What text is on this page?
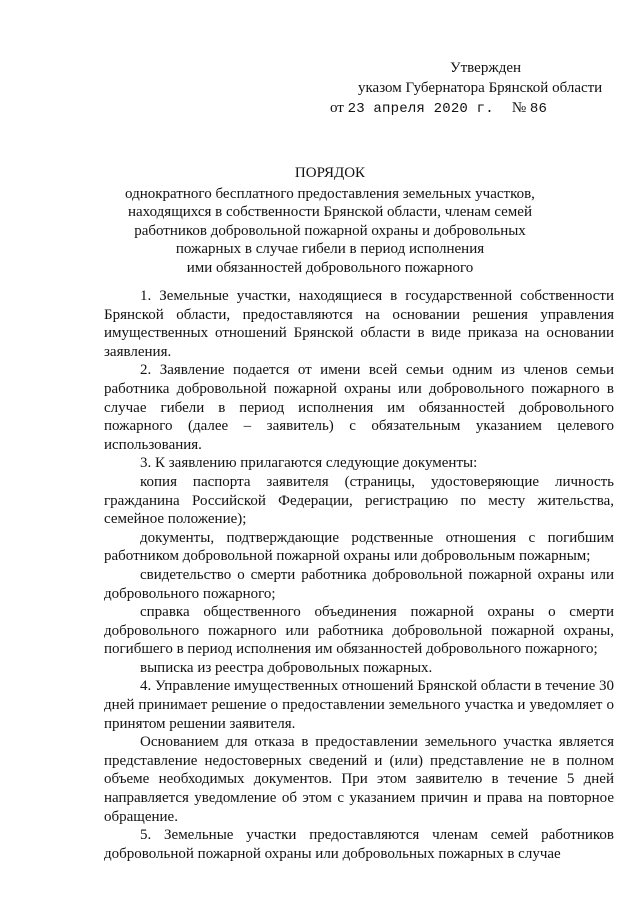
Утвержден
указом Губернатора Брянской области
от 23 апреля 2020 г. № 86
ПОРЯДОК
однократного бесплатного предоставления земельных участков,
находящихся в собственности Брянской области, членам семей
работников добровольной пожарной охраны и добровольных
пожарных в случае гибели в период исполнения
ими обязанностей добровольного пожарного

1. Земельные участки, находящиеся в государственной собственности Брянской области, предоставляются на основании решения управления имущественных отношений Брянской области в виде приказа на основании заявления.

2. Заявление подается от имени всей семьи одним из членов семьи работника добровольной пожарной охраны или добровольного пожарного в случае гибели в период исполнения им обязанностей добровольного пожарного (далее – заявитель) с обязательным указанием целевого использования.

3. К заявлению прилагаются следующие документы:

копия паспорта заявителя (страницы, удостоверяющие личность гражданина Российской Федерации, регистрацию по месту жительства, семейное положение);

документы, подтверждающие родственные отношения с погибшим работником добровольной пожарной охраны или добровольным пожарным;

свидетельство о смерти работника добровольной пожарной охраны или добровольного пожарного;

справка общественного объединения пожарной охраны о смерти добровольного пожарного или работника добровольной пожарной охраны, погибшего в период исполнения им обязанностей добровольного пожарного;

выписка из реестра добровольных пожарных.

4. Управление имущественных отношений Брянской области в течение 30 дней принимает решение о предоставлении земельного участка и уведомляет о принятом решении заявителя.

Основанием для отказа в предоставлении земельного участка является представление недостоверных сведений и (или) представление не в полном объеме необходимых документов. При этом заявителю в течение 5 дней направляется уведомление об этом с указанием причин и права на повторное обращение.

5. Земельные участки предоставляются членам семей работников добровольной пожарной охраны или добровольных пожарных в случае
